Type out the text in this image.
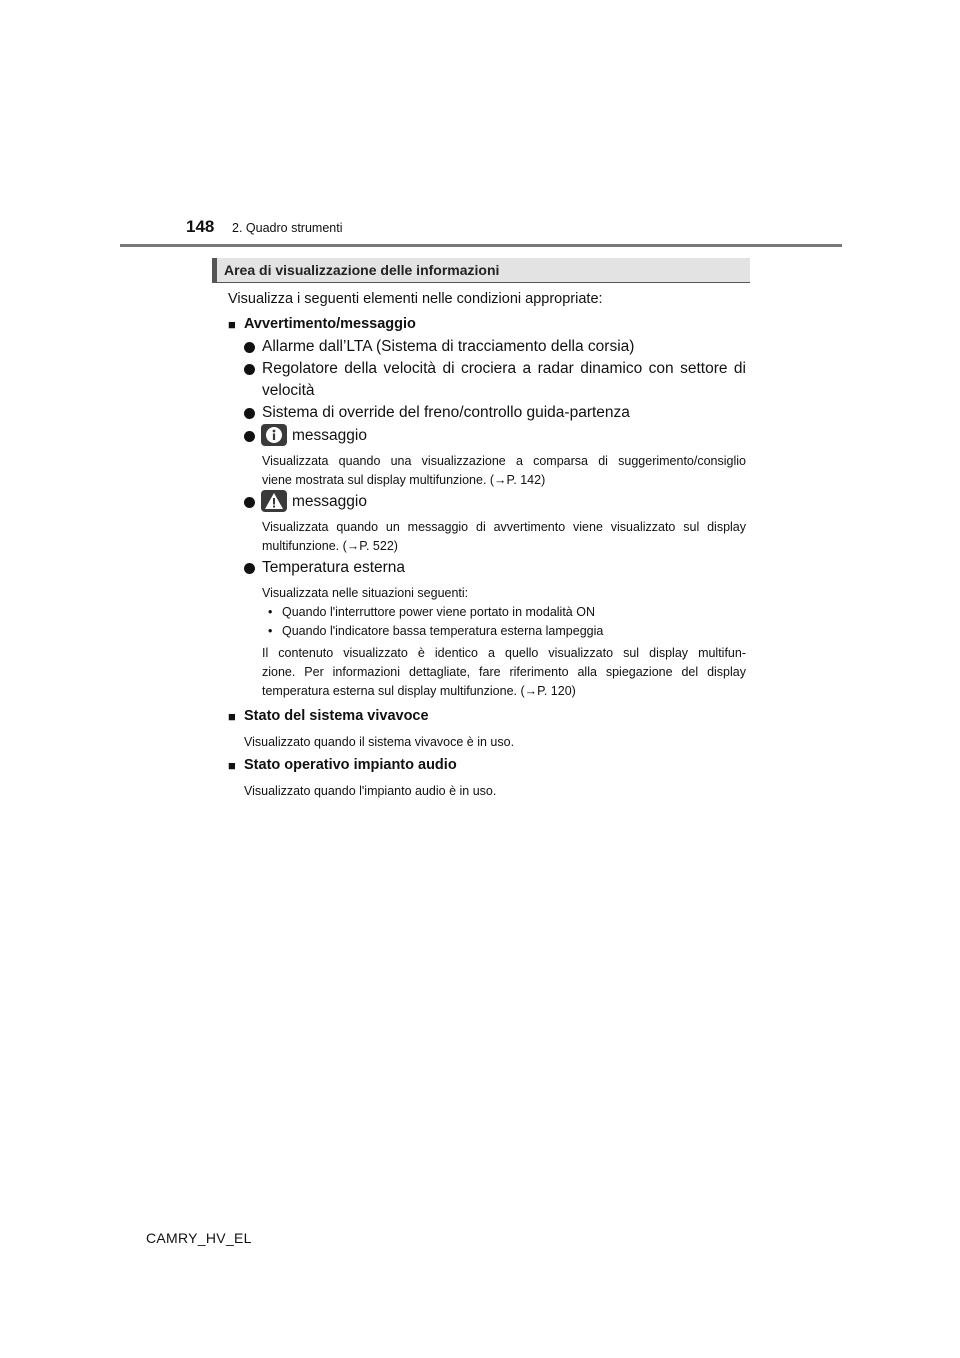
148 2. Quadro strumenti
Area di visualizzazione delle informazioni
Visualizza i seguenti elementi nelle condizioni appropriate:
■ Avvertimento/messaggio
Allarme dall’LTA (Sistema di tracciamento della corsia)
Regolatore della velocità di crociera a radar dinamico con settore di
velocità
Sistema di override del freno/controllo guida-partenza
messaggio
Visualizzata quando una visualizzazione a comparsa di suggerimento/consiglio
viene mostrata sul display multifunzione. (→P. 142)
messaggio
Visualizzata quando un messaggio di avvertimento viene visualizzato sul display
multifunzione. (→P. 522)
Temperatura esterna
Visualizzata nelle situazioni seguenti:
• Quando l'interruttore power viene portato in modalità ON
• Quando l'indicatore bassa temperatura esterna lampeggia
Il contenuto visualizzato è identico a quello visualizzato sul display multifun-
zione. Per informazioni dettagliate, fare riferimento alla spiegazione del display
temperatura esterna sul display multifunzione. (→P. 120)
■ Stato del sistema vivavoce
Visualizzato quando il sistema vivavoce è in uso.
■ Stato operativo impianto audio
Visualizzato quando l'impianto audio è in uso.
CAMRY_HV_EL
